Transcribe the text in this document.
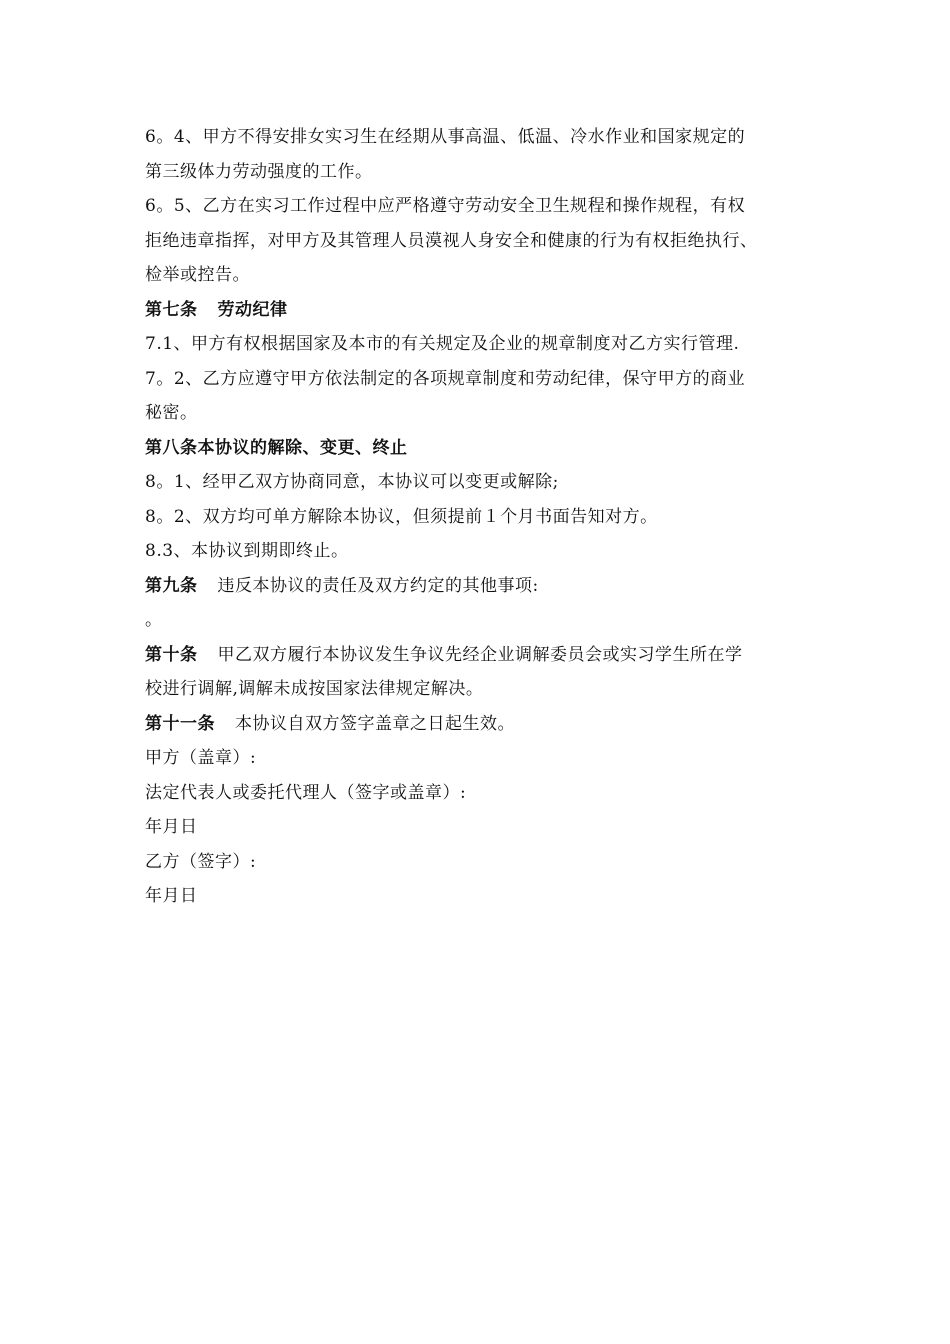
6。4、甲方不得安排女实习生在经期从事高温、低温、冷水作业和国家规定的
第三级体力劳动强度的工作。
6。5、乙方在实习工作过程中应严格遵守劳动安全卫生规程和操作规程，有权
拒绝违章指挥，对甲方及其管理人员漠视人身安全和健康的行为有权拒绝执行、
检举或控告。
第七条 劳动纪律
7.1、甲方有权根据国家及本市的有关规定及企业的规章制度对乙方实行管理.
7。2、乙方应遵守甲方依法制定的各项规章制度和劳动纪律，保守甲方的商业
秘密。
第八条本协议的解除、变更、终止
8。1、经甲乙双方协商同意，本协议可以变更或解除;
8。2、双方均可单方解除本协议，但须提前１个月书面告知对方。
8.3、本协议到期即终止。
第九条 违反本协议的责任及双方约定的其他事项:
。
第十条 甲乙双方履行本协议发生争议先经企业调解委员会或实习学生所在学
校进行调解,调解未成按国家法律规定解决。
第十一条 本协议自双方签字盖章之日起生效。
甲方（盖章）:
法定代表人或委托代理人（签字或盖章）:
年月日
乙方（签字）:
年月日
